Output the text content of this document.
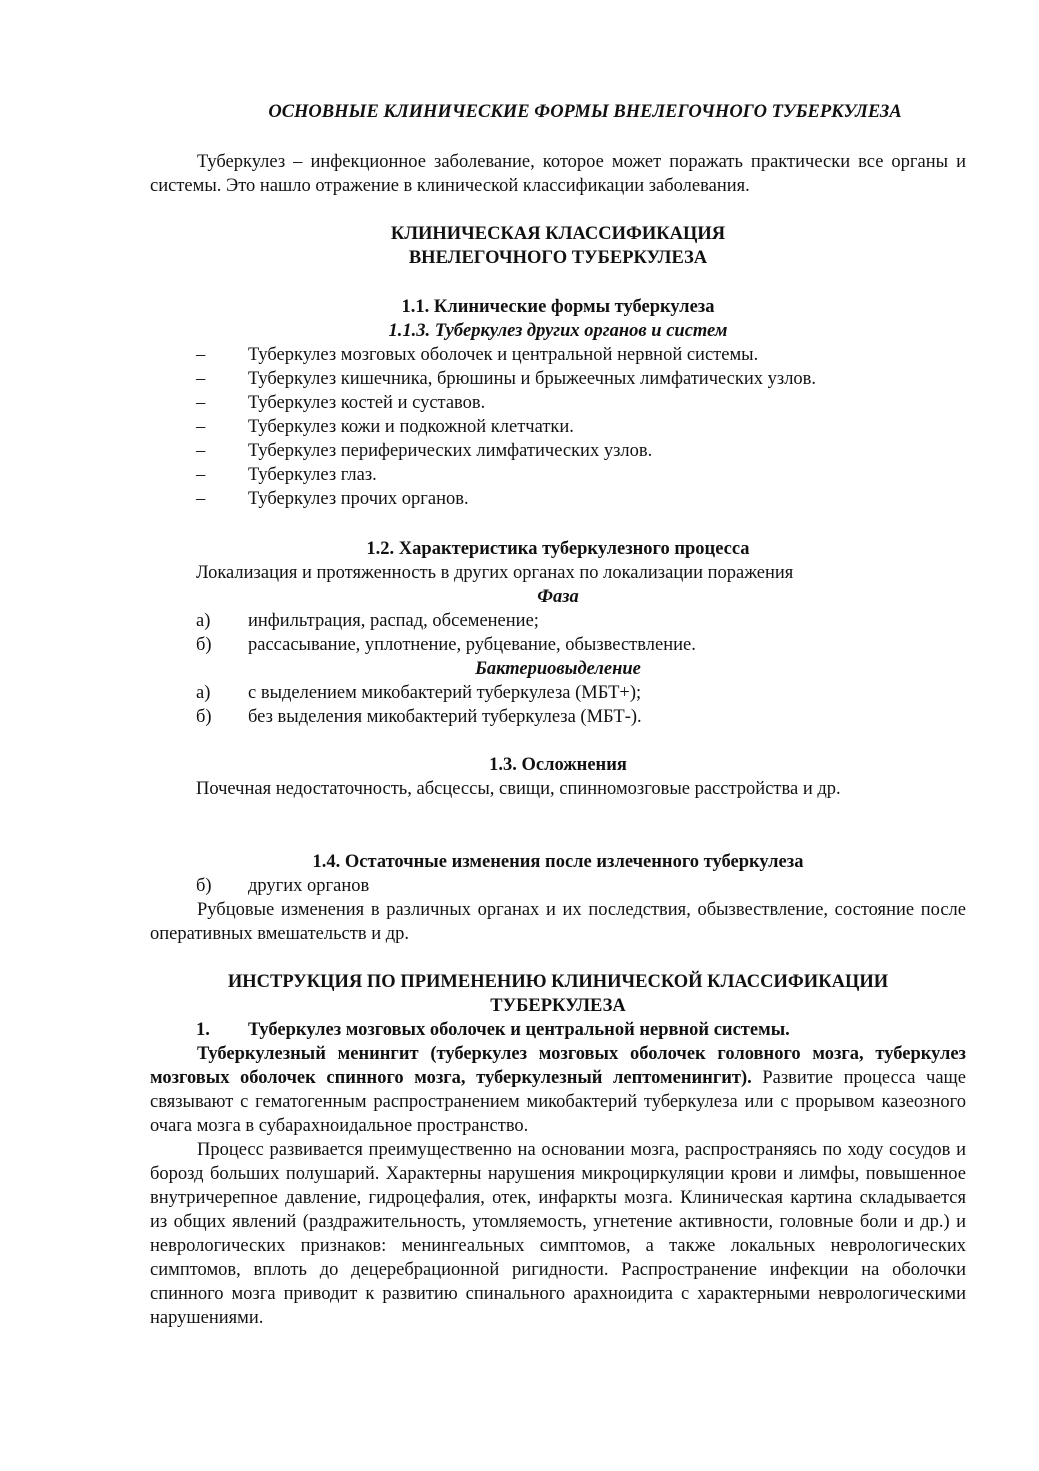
ОСНОВНЫЕ КЛИНИЧЕСКИЕ ФОРМЫ ВНЕЛЕГОЧНОГО ТУБЕРКУЛЕЗА

Туберкулез – инфекционное заболевание, которое может поражать практически все органы и системы. Это нашло отражение в клинической классификации заболевания.

КЛИНИЧЕСКАЯ КЛАССИФИКАЦИЯ
ВНЕЛЕГОЧНОГО ТУБЕРКУЛЕЗА
1.1. Клинические формы туберкулеза
1.1.3. Туберкулез других органов и систем
– Туберкулез мозговых оболочек и центральной нервной системы.
– Туберкулез кишечника, брюшины и брыжеечных лимфатических узлов.
– Туберкулез костей и суставов.
– Туберкулез кожи и подкожной клетчатки.
– Туберкулез периферических лимфатических узлов.
– Туберкулез глаз.
– Туберкулез прочих органов.
1.2. Характеристика туберкулезного процесса
Локализация и протяженность в других органах по локализации поражения
Фаза
а) инфильтрация, распад, обсеменение;
б) рассасывание, уплотнение, рубцевание, обызвествление.
Бактериовыделение
а) с выделением микобактерий туберкулеза (МБТ+);
б) без выделения микобактерий туберкулеза (МБТ-).
1.3. Осложнения
Почечная недостаточность, абсцессы, свищи, спинномозговые расстройства и др.
1.4. Остаточные изменения после излеченного туберкулеза
б) других органов

Рубцовые изменения в различных органах и их последствия, обызвествление, состояние после оперативных вмешательств и др.

ИНСТРУКЦИЯ ПО ПРИМЕНЕНИЮ КЛИНИЧЕСКОЙ КЛАССИФИКАЦИИ
ТУБЕРКУЛЕЗА
1. Туберкулез мозговых оболочек и центральной нервной системы.

Туберкулезный менингит (туберкулез мозговых оболочек головного мозга, туберкулез мозговых оболочек спинного мозга, туберкулезный лептоменингит). Развитие процесса чаще связывают с гематогенным распространением микобактерий туберкулеза или с прорывом казеозного очага мозга в субарахноидальное пространство.

Процесс развивается преимущественно на основании мозга, распространяясь по ходу сосудов и борозд больших полушарий. Характерны нарушения микроциркуляции крови и лимфы, повышенное внутричерепное давление, гидроцефалия, отек, инфаркты мозга. Клиническая картина складывается из общих явлений (раздражительность, утомляемость, угнетение активности, головные боли и др.) и неврологических признаков: менингеальных симптомов, а также локальных неврологических симптомов, вплоть до децеребрационной ригидности. Распространение инфекции на оболочки спинного мозга приводит к развитию спинального арахноидита с характерными неврологическими нарушениями.
